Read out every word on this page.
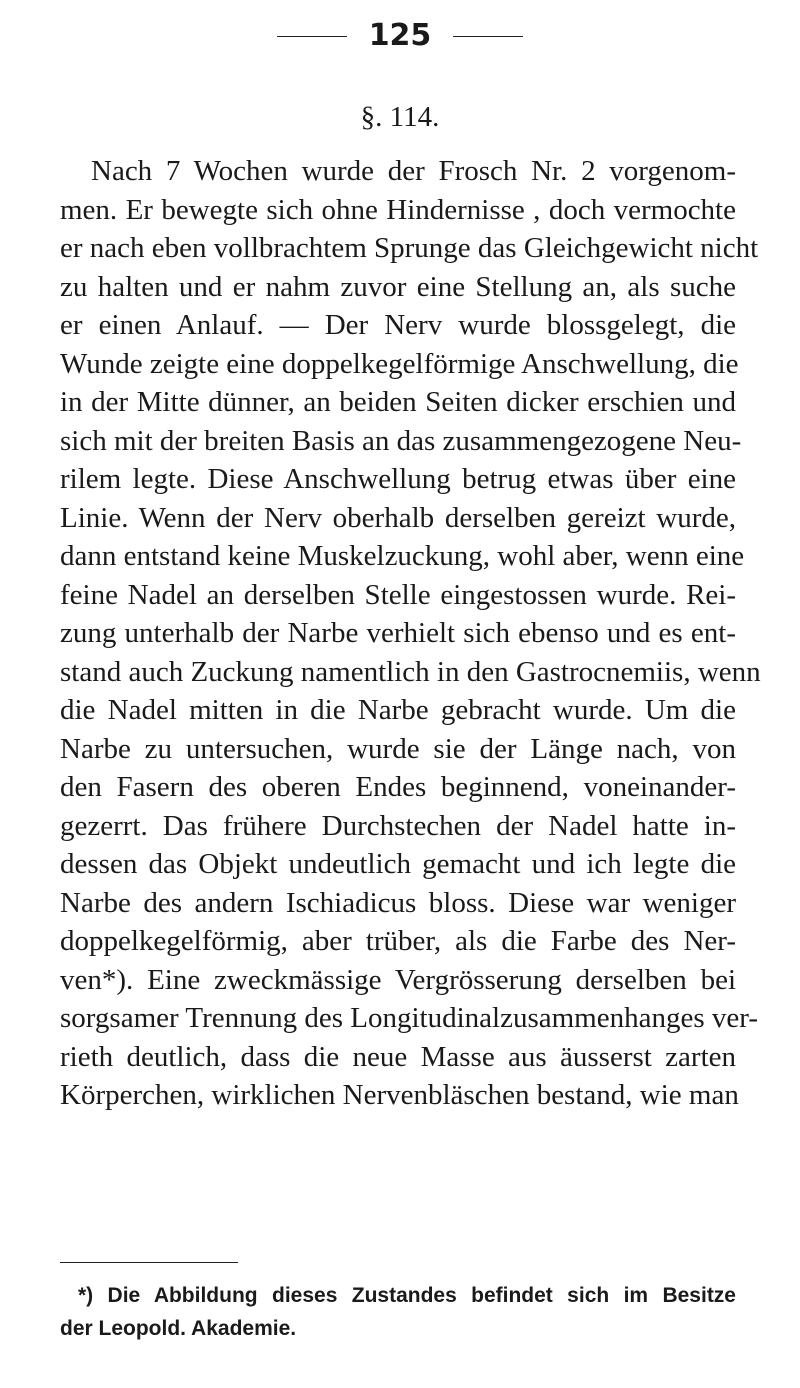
125
§. 114.
Nach 7 Wochen wurde der Frosch Nr. 2 vorgenom-
men. Er bewegte sich ohne Hindernisse , doch vermochte
er nach eben vollbrachtem Sprunge das Gleichgewicht nicht
zu halten und er nahm zuvor eine Stellung an, als suche
er einen Anlauf. — Der Nerv wurde blossgelegt, die
Wunde zeigte eine doppelkegelförmige Anschwellung, die
in der Mitte dünner, an beiden Seiten dicker erschien und
sich mit der breiten Basis an das zusammengezogene Neu-
rilem legte. Diese Anschwellung betrug etwas über eine
Linie. Wenn der Nerv oberhalb derselben gereizt wurde,
dann entstand keine Muskelzuckung, wohl aber, wenn eine
feine Nadel an derselben Stelle eingestossen wurde. Rei-
zung unterhalb der Narbe verhielt sich ebenso und es ent-
stand auch Zuckung namentlich in den Gastrocnemiis, wenn
die Nadel mitten in die Narbe gebracht wurde. Um die
Narbe zu untersuchen, wurde sie der Länge nach, von
den Fasern des oberen Endes beginnend, voneinander-
gezerrt. Das frühere Durchstechen der Nadel hatte in-
dessen das Objekt undeutlich gemacht und ich legte die
Narbe des andern Ischiadicus bloss. Diese war weniger
doppelkegelförmig, aber trüber, als die Farbe des Ner-
ven*). Eine zweckmässige Vergrösserung derselben bei
sorgsamer Trennung des Longitudinalzusammenhanges ver-
rieth deutlich, dass die neue Masse aus äusserst zarten
Körperchen, wirklichen Nervenbläschen bestand, wie man
*) Die Abbildung dieses Zustandes befindet sich im Besitze
der Leopold. Akademie.
